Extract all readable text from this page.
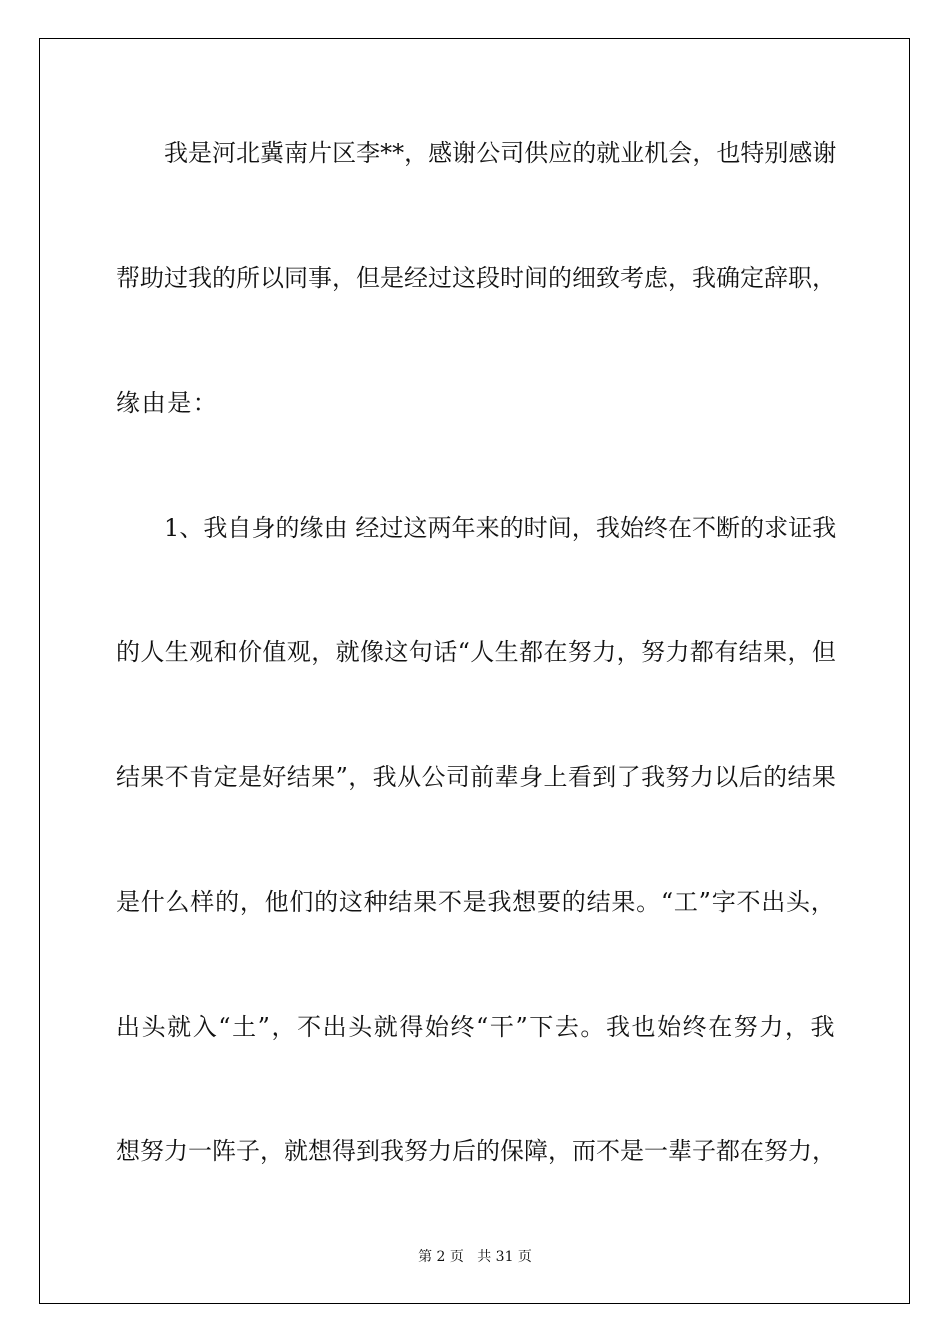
我是河北冀南片区李**，感谢公司供应的就业机会，也特别感谢
帮助过我的所以同事，但是经过这段时间的细致考虑，我确定辞职，
缘由是：
1、我自身的缘由 经过这两年来的时间，我始终在不断的求证我
的人生观和价值观，就像这句话“人生都在努力，努力都有结果，但
结果不肯定是好结果”，我从公司前辈身上看到了我努力以后的结果
是什么样的，他们的这种结果不是我想要的结果。“工”字不出头，
出头就入“土”，不出头就得始终“干”下去。我也始终在努力，我
想努力一阵子，就想得到我努力后的保障，而不是一辈子都在努力，
第 2 页   共 31 页
